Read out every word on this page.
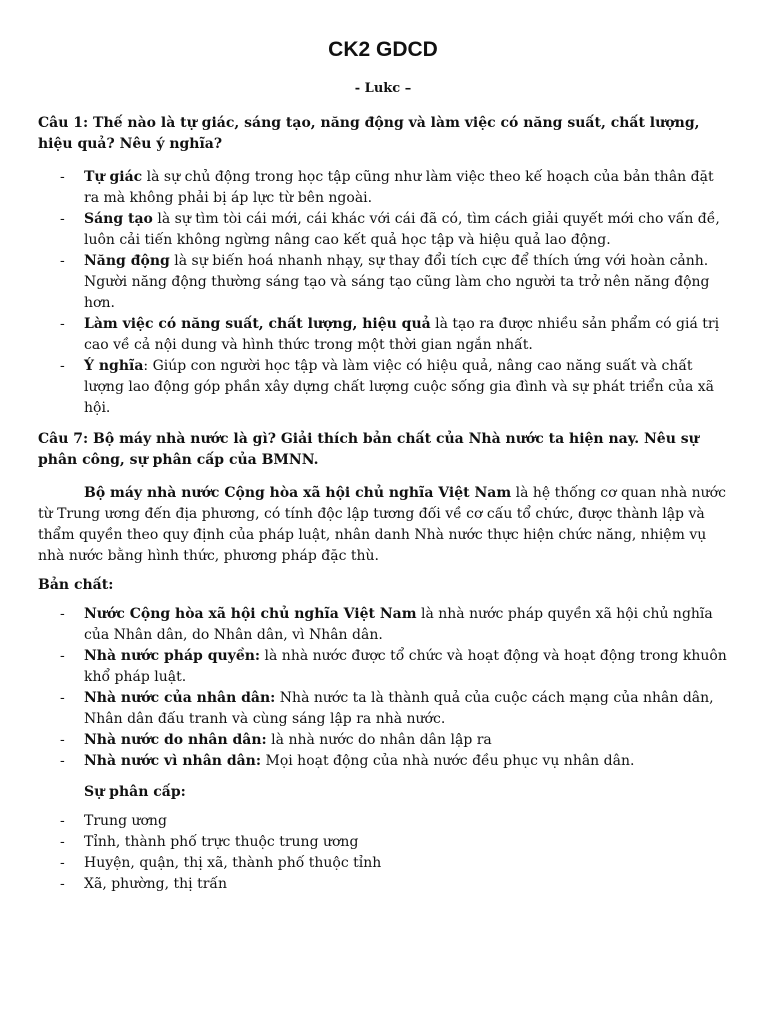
CK2 GDCD
- Lukc –
Câu 1: Thế nào là tự giác, sáng tạo, năng động và làm việc có năng suất, chất lượng, hiệu quả? Nêu ý nghĩa?
- Tự giác là sự chủ động trong học tập cũng như làm việc theo kế hoạch của bản thân đặt ra mà không phải bị áp lực từ bên ngoài.
- Sáng tạo là sự tìm tòi cái mới, cái khác với cái đã có, tìm cách giải quyết mới cho vấn đề, luôn cải tiến không ngừng nâng cao kết quả học tập và hiệu quả lao động.
- Năng động là sự biến hoá nhanh nhạy, sự thay đổi tích cực để thích ứng với hoàn cảnh. Người năng động thường sáng tạo và sáng tạo cũng làm cho người ta trở nên năng động hơn.
- Làm việc có năng suất, chất lượng, hiệu quả là tạo ra được nhiều sản phẩm có giá trị cao về cả nội dung và hình thức trong một thời gian ngắn nhất.
- Ý nghĩa: Giúp con người học tập và làm việc có hiệu quả, nâng cao năng suất và chất lượng lao động góp phần xây dựng chất lượng cuộc sống gia đình và sự phát triển của xã hội.
Câu 7: Bộ máy nhà nước là gì? Giải thích bản chất của Nhà nước ta hiện nay. Nêu sự phân công, sự phân cấp của BMNN.
Bộ máy nhà nước Cộng hòa xã hội chủ nghĩa Việt Nam là hệ thống cơ quan nhà nước từ Trung ương đến địa phương, có tính độc lập tương đối về cơ cấu tổ chức, được thành lập và thẩm quyền theo quy định của pháp luật, nhân danh Nhà nước thực hiện chức năng, nhiệm vụ nhà nước bằng hình thức, phương pháp đặc thù.
Bản chất:
- Nước Cộng hòa xã hội chủ nghĩa Việt Nam là nhà nước pháp quyền xã hội chủ nghĩa của Nhân dân, do Nhân dân, vì Nhân dân.
- Nhà nước pháp quyền: là nhà nước được tổ chức và hoạt động và hoạt động trong khuôn khổ pháp luật.
- Nhà nước của nhân dân: Nhà nước ta là thành quả của cuộc cách mạng của nhân dân, Nhân dân đấu tranh và cùng sáng lập ra nhà nước.
- Nhà nước do nhân dân: là nhà nước do nhân dân lập ra
- Nhà nước vì nhân dân: Mọi hoạt động của nhà nước đều phục vụ nhân dân.
Sự phân cấp:
- Trung ương
- Tỉnh, thành phố trực thuộc trung ương
- Huyện, quận, thị xã, thành phố thuộc tỉnh
- Xã, phường, thị trấn
